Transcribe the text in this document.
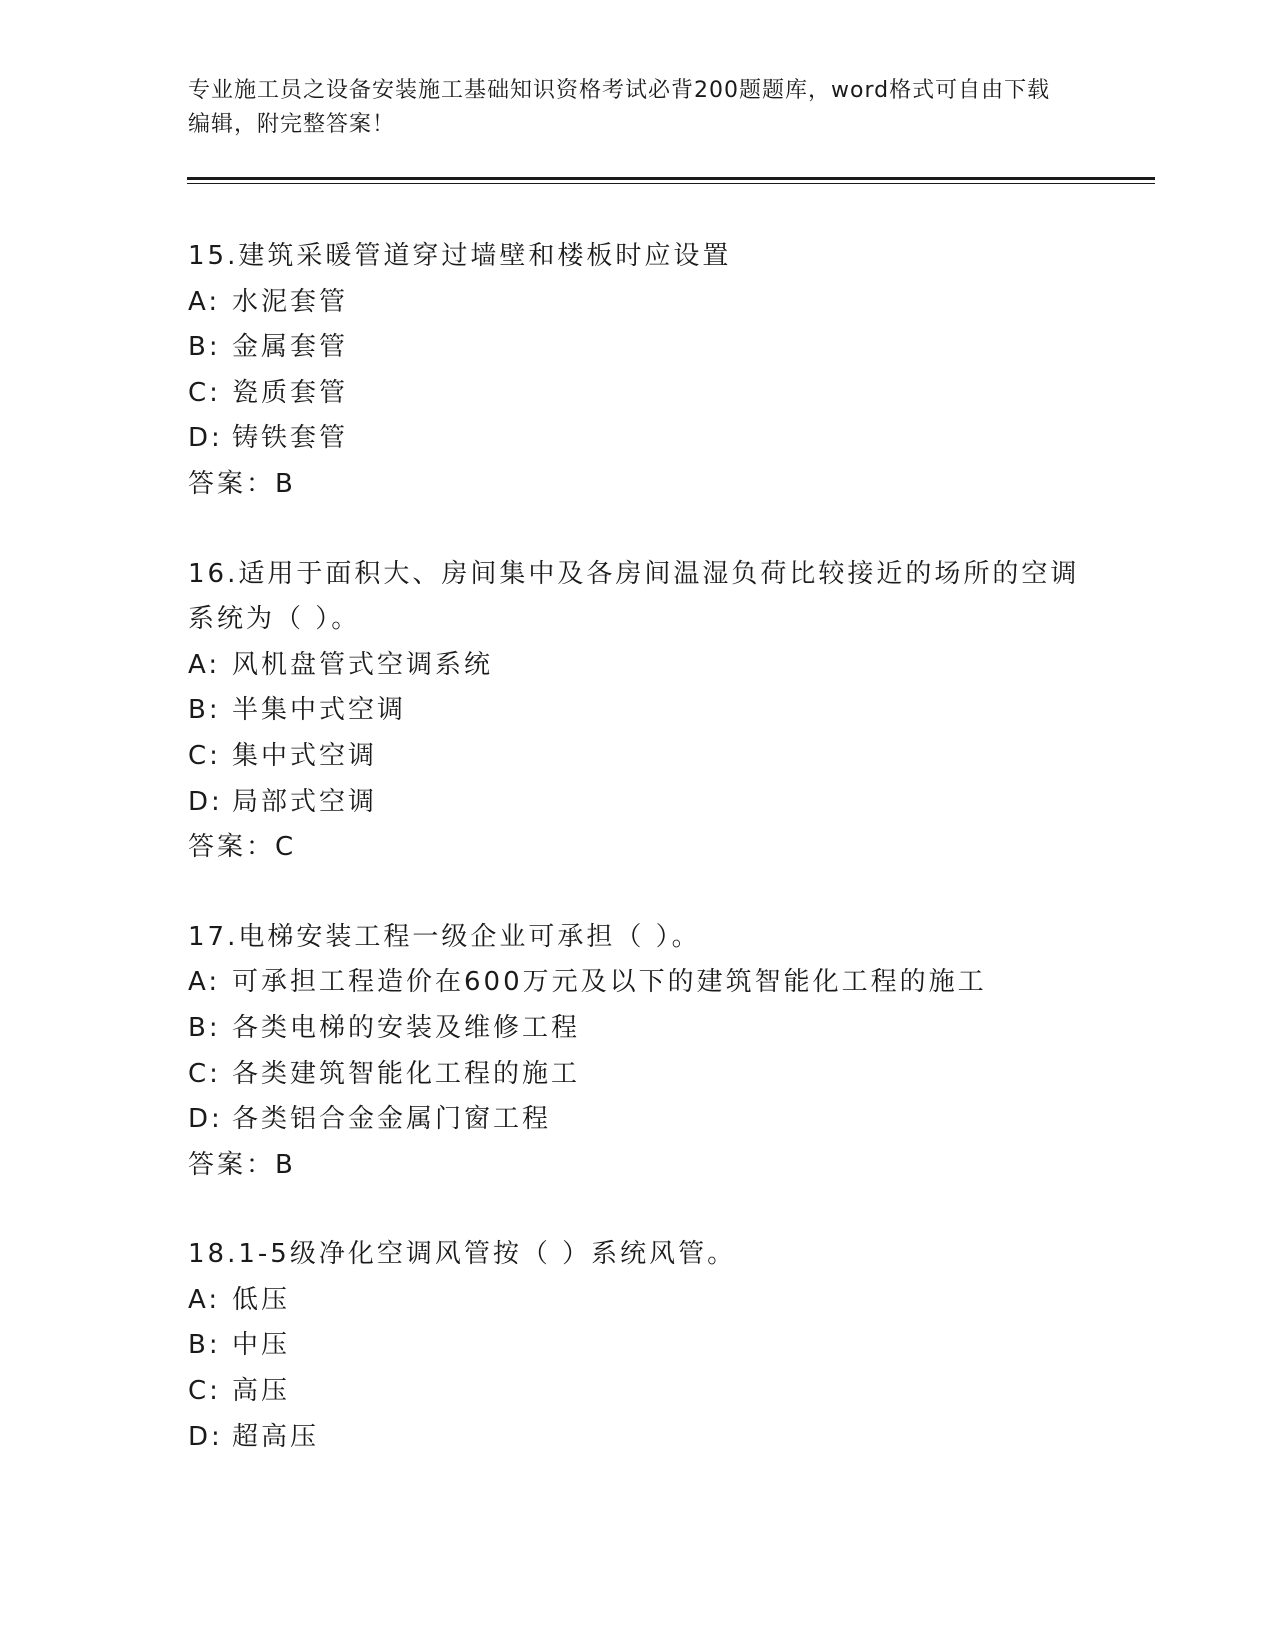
专业施工员之设备安装施工基础知识资格考试必背200题题库，word格式可自由下载编辑，附完整答案！
15.建筑采暖管道穿过墙壁和楼板时应设置
A: 水泥套管
B: 金属套管
C: 瓷质套管
D: 铸铁套管
答案：B
16.适用于面积大、房间集中及各房间温湿负荷比较接近的场所的空调系统为（ ）。
A: 风机盘管式空调系统
B: 半集中式空调
C: 集中式空调
D: 局部式空调
答案：C
17.电梯安装工程一级企业可承担（ ）。
A: 可承担工程造价在600万元及以下的建筑智能化工程的施工
B: 各类电梯的安装及维修工程
C: 各类建筑智能化工程的施工
D: 各类铝合金金属门窗工程
答案：B
18.1-5级净化空调风管按（ ）系统风管。
A: 低压
B: 中压
C: 高压
D: 超高压
